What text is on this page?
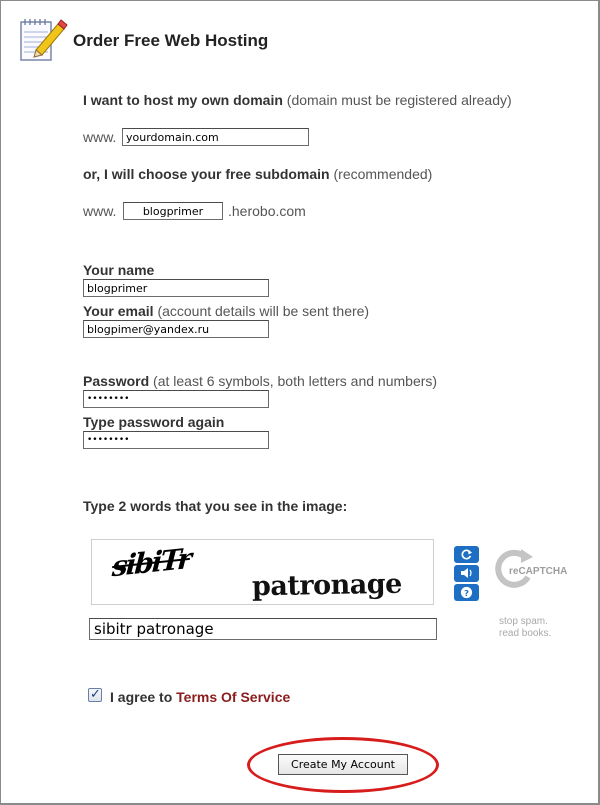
Order Free Web Hosting
I want to host my own domain (domain must be registered already)
www. yourdomain.com
or, I will choose your free subdomain (recommended)
www.	blogprimer	.herobo.com
Your name
blogprimer
Your email (account details will be sent there)
blogpimer@yandex.ru
Password (at least 6 symbols, both letters and numbers)
••••••••
Type password again
••••••••
Type 2 words that you see in the image:
sibiTr
patronage	?
reCAPTCHA
stop spam.
read books.
sibitr patronage
✓ I agree to Terms Of Service
Create My Account
